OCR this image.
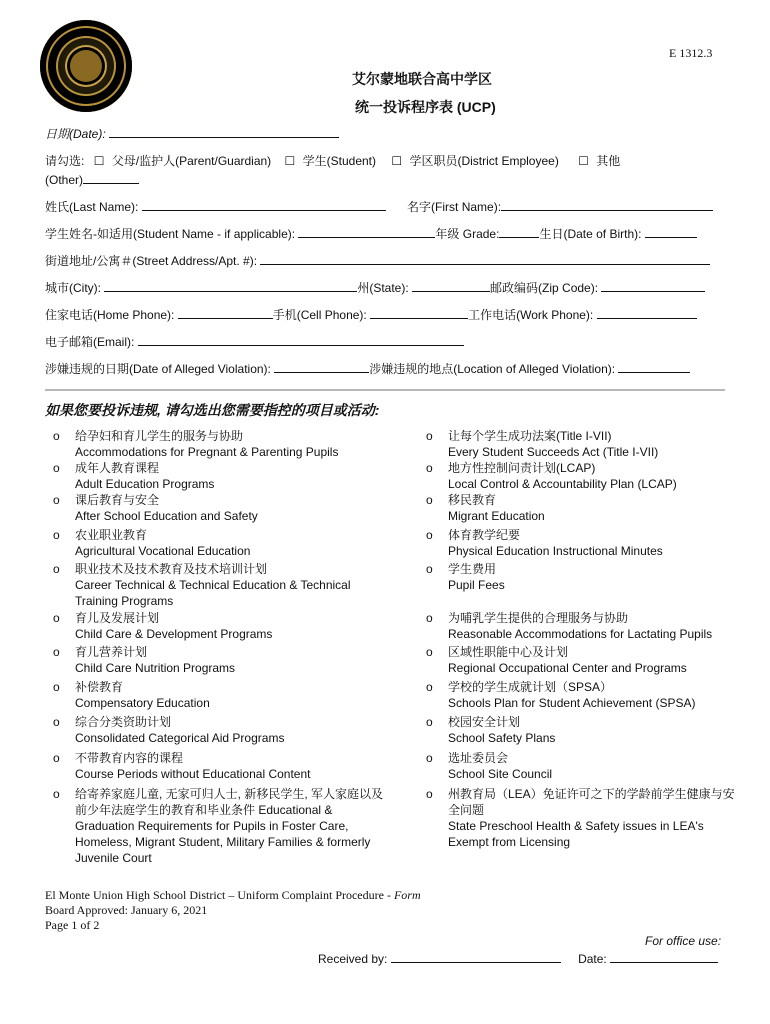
E 1312.3
艾尔蒙地联合高中学区
统一投诉程序表 (UCP)
日期(Date):
请勾选: ☐ 父母/监护人(Parent/Guardian) ☐ 学生(Student) ☐ 学区职员(District Employee) ☐ 其他
(Other)
姓氏(Last Name):	名字(First Name):
学生姓名-如适用(Student Name - if applicable):	年级 Grade:	生日(Date of Birth):
街道地址/公寓＃(Street Address/Apt. #):
城市(City):	州(State):	邮政编码(Zip Code):
住家电话(Home Phone):	手机(Cell Phone):	工作电话(Work Phone):
电子邮箱(Email):
涉嫌违规的日期(Date of Alleged Violation):	涉嫌违规的地点(Location of Alleged Violation):
如果您要投诉违规, 请勾选出您需要指控的项目或活动:
o 给孕妇和育儿学生的服务与协助
Accommodations for Pregnant & Parenting Pupils
o 成年人教育课程
Adult Education Programs
o 课后教育与安全
After School Education and Safety
o 农业职业教育
Agricultural Vocational Education
o 职业技术及技术教育及技术培训计划
Career Technical & Technical Education & Technical Training Programs
o 育儿及发展计划
Child Care & Development Programs
o 育儿营养计划
Child Care Nutrition Programs
o 补偿教育
Compensatory Education
o 综合分类资助计划
Consolidated Categorical Aid Programs
o 不带教育内容的课程
Course Periods without Educational Content
o 给寄养家庭儿童, 无家可归人士, 新移民学生, 军人家庭以及前少年法庭学生的教育和毕业条件 Educational & Graduation Requirements for Pupils in Foster Care, Homeless, Migrant Student, Military Families & formerly Juvenile Court
o 让每个学生成功法案(Title I-VII)
Every Student Succeeds Act (Title I-VII)
o 地方性控制问责计划(LCAP)
Local Control & Accountability Plan (LCAP)
o 移民教育
Migrant Education
o 体育教学纪要
Physical Education Instructional Minutes
o 学生费用
Pupil Fees
o 为哺乳学生提供的合理服务与协助
Reasonable Accommodations for Lactating Pupils
o 区域性职能中心及计划
Regional Occupational Center and Programs
o 学校的学生成就计划（SPSA）
Schools Plan for Student Achievement (SPSA)
o 校园安全计划
School Safety Plans
o 选址委员会
School Site Council
o 州教育局（LEA）免证许可之下的学龄前学生健康与安全问题
State Preschool Health & Safety issues in LEA's Exempt from Licensing
El Monte Union High School District – Uniform Complaint Procedure - Form
Board Approved: January 6, 2021
Page 1 of 2
For office use:
Received by:	Date:
